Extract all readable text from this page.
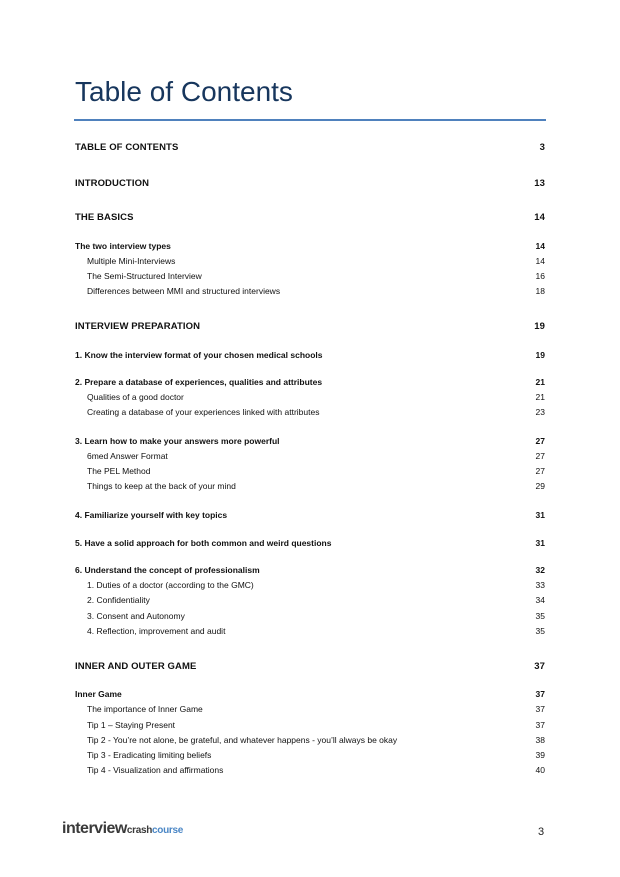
Table of Contents
TABLE OF CONTENTS	3
INTRODUCTION	13
THE BASICS	14
The two interview types	14
Multiple Mini-Interviews	14
The Semi-Structured Interview	16
Differences between MMI and structured interviews	18
INTERVIEW PREPARATION	19
1. Know the interview format of your chosen medical schools	19
2. Prepare a database of experiences, qualities and attributes	21
Qualities of a good doctor	21
Creating a database of your experiences linked with attributes	23
3. Learn how to make your answers more powerful	27
6med Answer Format	27
The PEL Method	27
Things to keep at the back of your mind	29
4. Familiarize yourself with key topics	31
5. Have a solid approach for both common and weird questions	31
6. Understand the concept of professionalism	32
1. Duties of a doctor (according to the GMC)	33
2. Confidentiality	34
3. Consent and Autonomy	35
4. Reflection, improvement and audit	35
INNER AND OUTER GAME	37
Inner Game	37
The importance of Inner Game	37
Tip 1 – Staying Present	37
Tip 2 - You’re not alone, be grateful, and whatever happens - you’ll always be okay	38
Tip 3 - Eradicating limiting beliefs	39
Tip 4 - Visualization and affirmations	40
interviewcrashcourse	3
